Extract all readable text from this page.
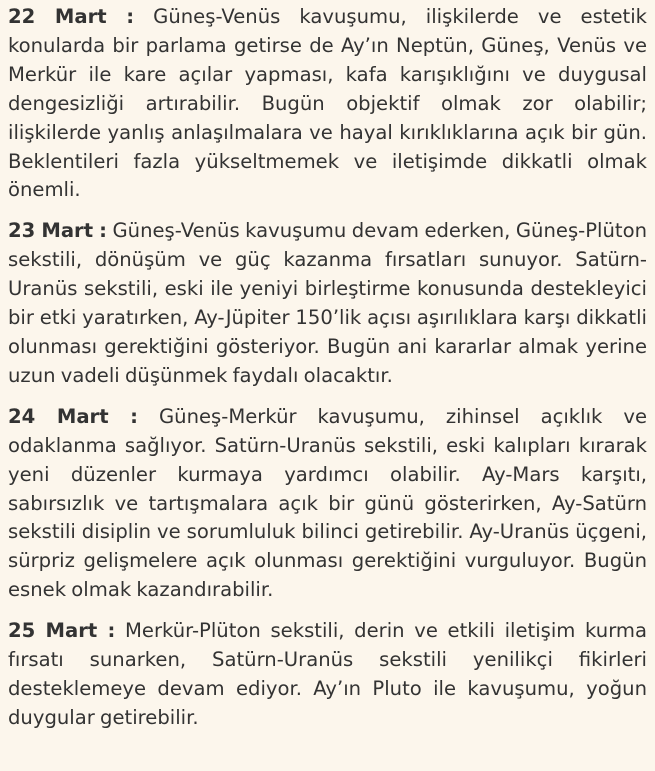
22 Mart : Güneş-Venüs kavuşumu, ilişkilerde ve estetik konularda bir parlama getirse de Ay’ın Neptün, Güneş, Venüs ve Merkür ile kare açılar yapması, kafa karışıklığını ve duygusal dengesizliği artırabilir. Bugün objektif olmak zor olabilir; ilişkilerde yanlış anlaşılmalara ve hayal kırıklıklarına açık bir gün. Beklentileri fazla yükseltmemek ve iletişimde dikkatli olmak önemli.

23 Mart : Güneş-Venüs kavuşumu devam ederken, Güneş-Plüton sekstili, dönüşüm ve güç kazanma fırsatları sunuyor. Satürn-Uranüs sekstili, eski ile yeniyi birleştirme konusunda destekleyici bir etki yaratırken, Ay-Jüpiter 150’lik açısı aşırılıklara karşı dikkatli olunması gerektiğini gösteriyor. Bugün ani kararlar almak yerine uzun vadeli düşünmek faydalı olacaktır.

24 Mart : Güneş-Merkür kavuşumu, zihinsel açıklık ve odaklanma sağlıyor. Satürn-Uranüs sekstili, eski kalıpları kırarak yeni düzenler kurmaya yardımcı olabilir. Ay-Mars karşıtı, sabırsızlık ve tartışmalara açık bir günü gösterirken, Ay-Satürn sekstili disiplin ve sorumluluk bilinci getirebilir. Ay-Uranüs üçgeni, sürpriz gelişmelere açık olunması gerektiğini vurguluyor. Bugün esnek olmak kazandırabilir.

25 Mart : Merkür-Plüton sekstili, derin ve etkili iletişim kurma fırsatı sunarken, Satürn-Uranüs sekstili yenilikçi fikirleri desteklemeye devam ediyor. Ay’ın Pluto ile kavuşumu, yoğun duygular getirebilir.
